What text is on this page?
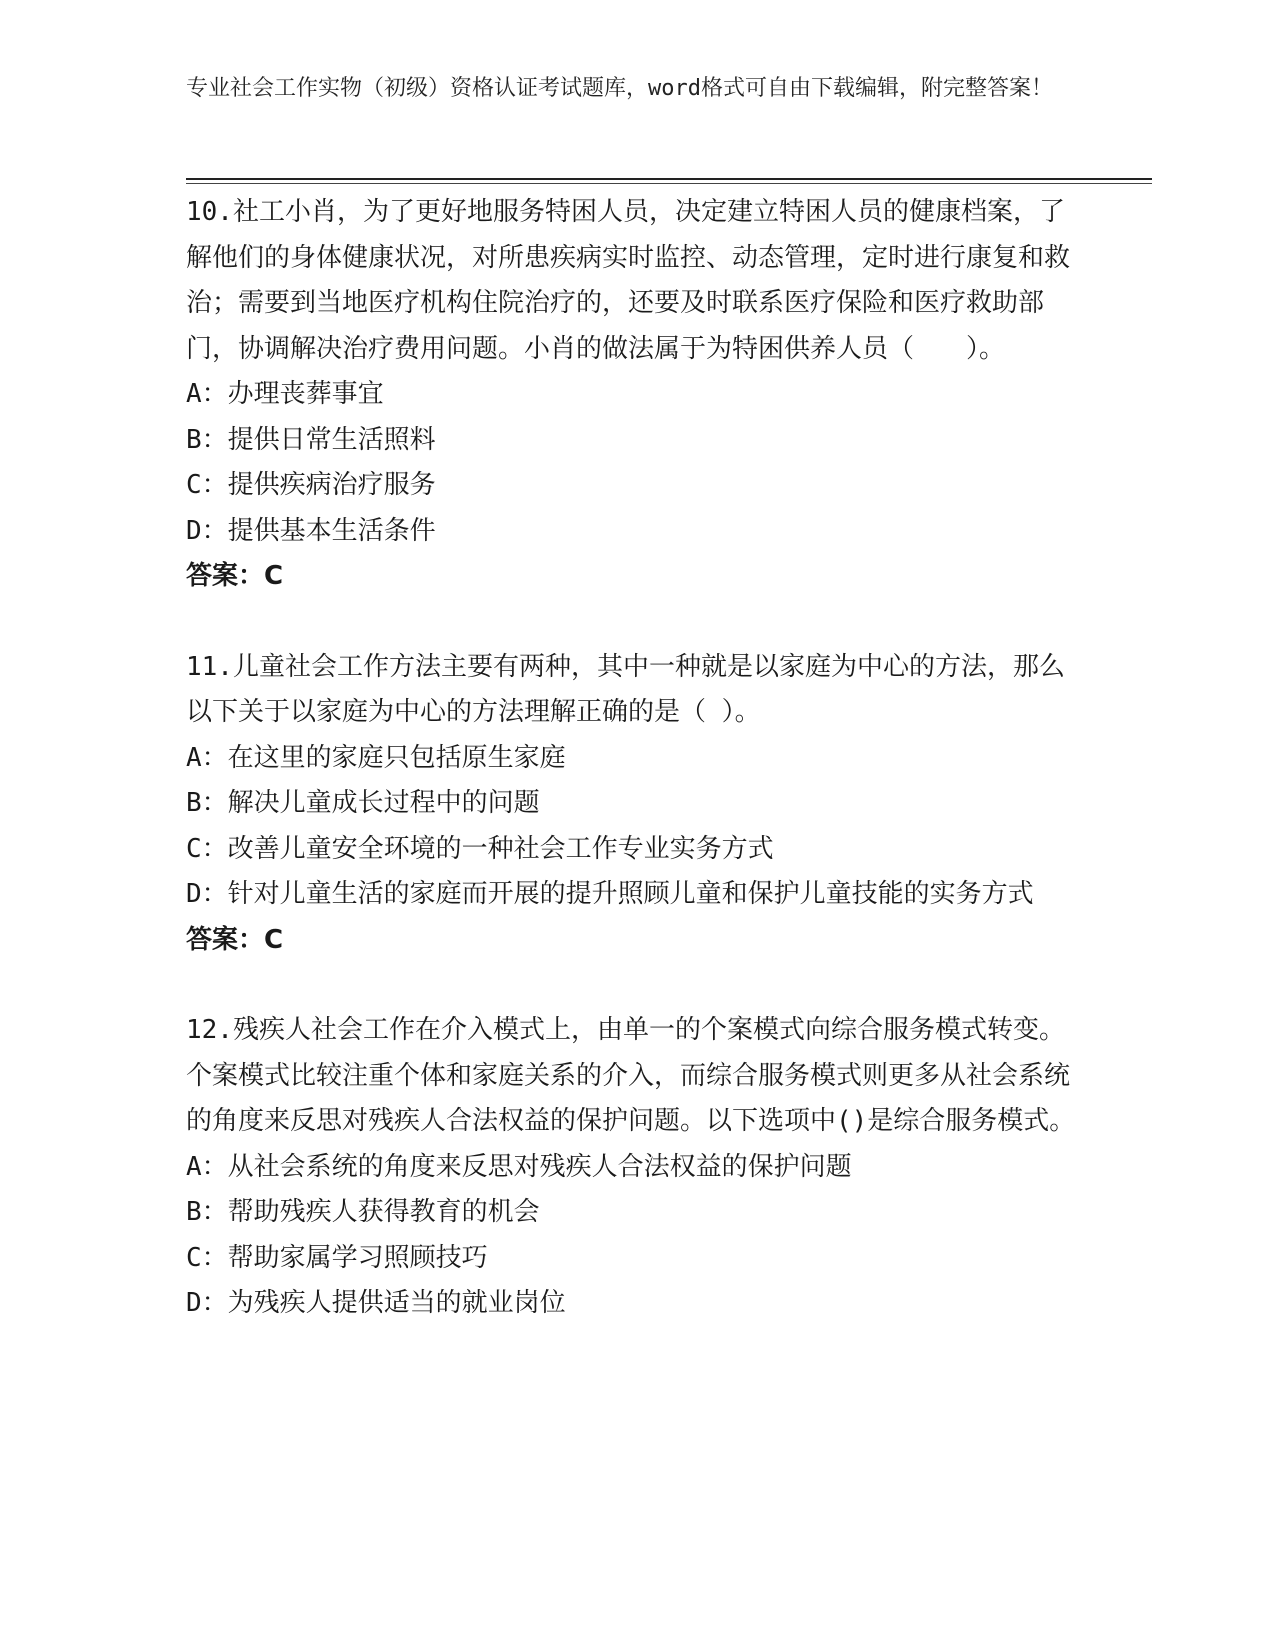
专业社会工作实物（初级）资格认证考试题库，word格式可自由下载编辑，附完整答案！

10.社工小肖，为了更好地服务特困人员，决定建立特困人员的健康档案，了解他们的身体健康状况，对所患疾病实时监控、动态管理，定时进行康复和救治；需要到当地医疗机构住院治疗的，还要及时联系医疗保险和医疗救助部门，协调解决治疗费用问题。小肖的做法属于为特困供养人员（　　）。

A：办理丧葬事宜

B：提供日常生活照料

C：提供疾病治疗服务

D：提供基本生活条件

答案：C

11.儿童社会工作方法主要有两种，其中一种就是以家庭为中心的方法，那么以下关于以家庭为中心的方法理解正确的是（ ）。

A：在这里的家庭只包括原生家庭

B：解决儿童成长过程中的问题

C：改善儿童安全环境的一种社会工作专业实务方式

D：针对儿童生活的家庭而开展的提升照顾儿童和保护儿童技能的实务方式

答案：C

12.残疾人社会工作在介入模式上，由单一的个案模式向综合服务模式转变。个案模式比较注重个体和家庭关系的介入，而综合服务模式则更多从社会系统的角度来反思对残疾人合法权益的保护问题。以下选项中()是综合服务模式。

A：从社会系统的角度来反思对残疾人合法权益的保护问题

B：帮助残疾人获得教育的机会

C：帮助家属学习照顾技巧

D：为残疾人提供适当的就业岗位
